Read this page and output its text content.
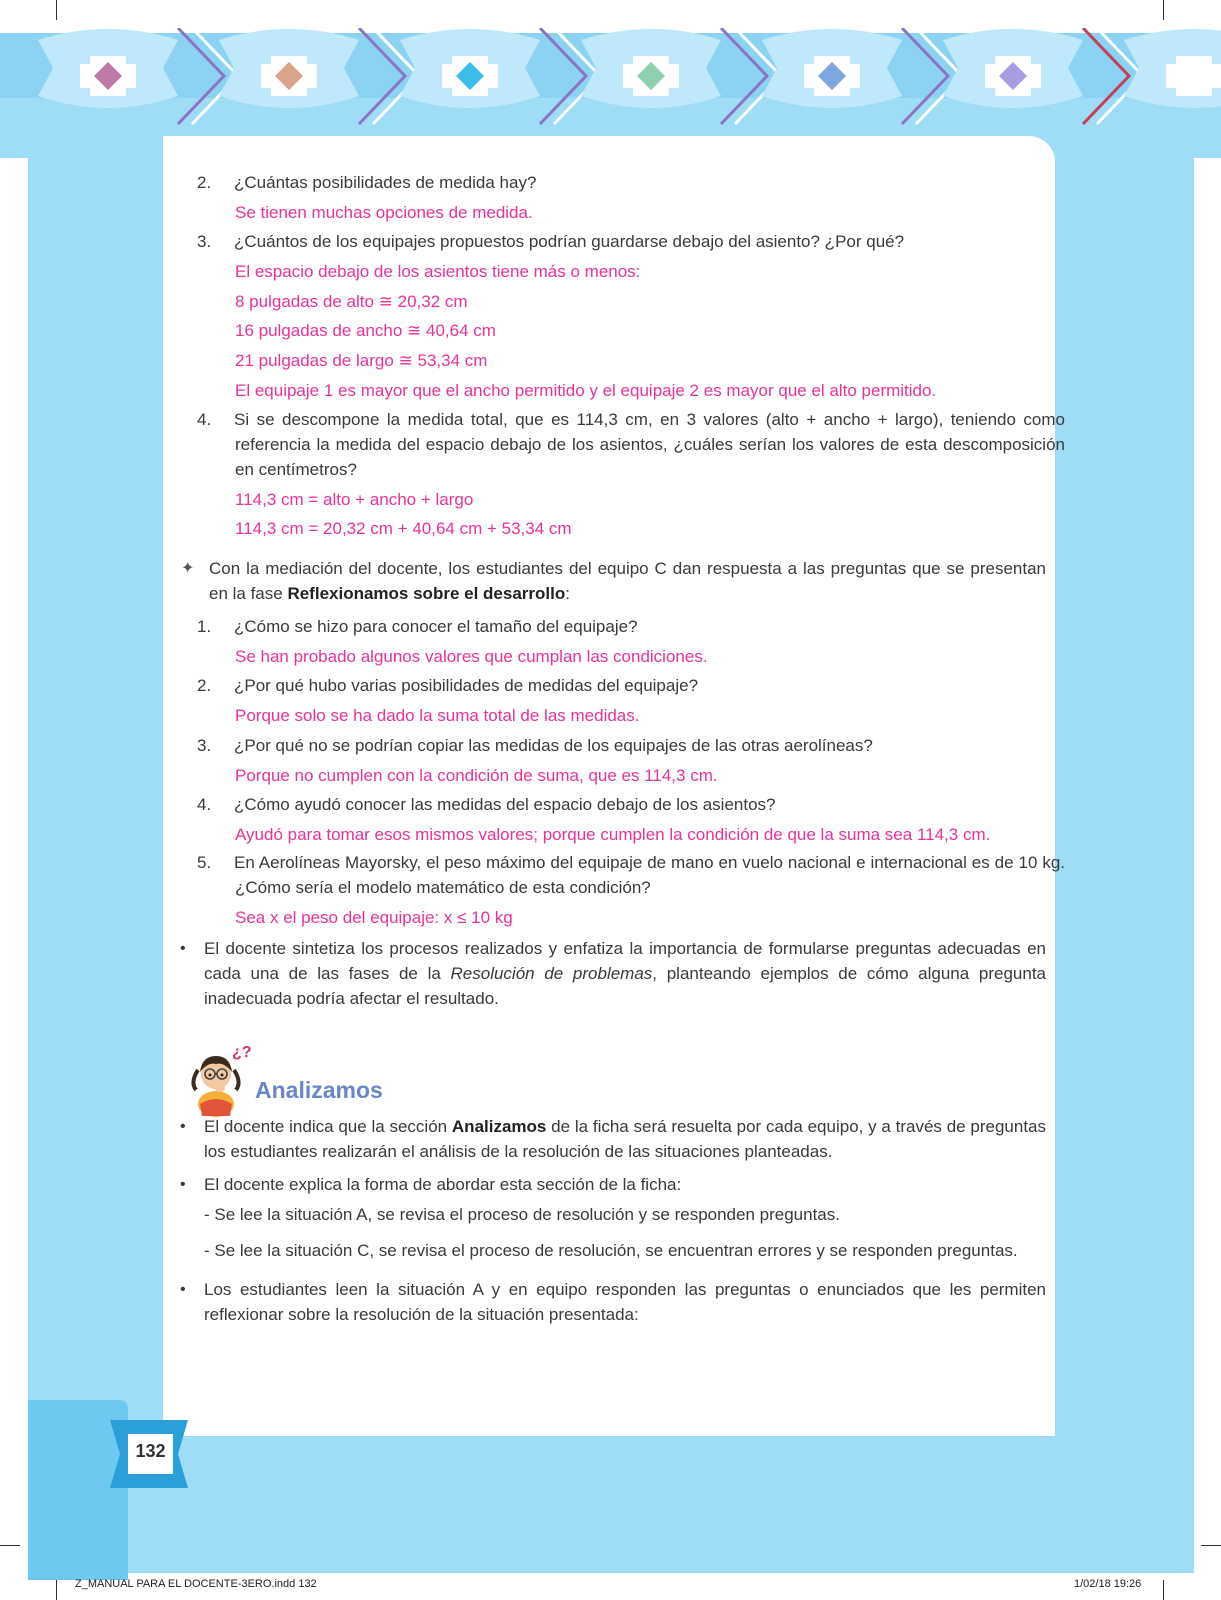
2. ¿Cuántas posibilidades de medida hay?

Se tienen muchas opciones de medida.

3. ¿Cuántos de los equipajes propuestos podrían guardarse debajo del asiento? ¿Por qué?

El espacio debajo de los asientos tiene más o menos:

8 pulgadas de alto ≅ 20,32 cm

16 pulgadas de ancho ≅ 40,64 cm

21 pulgadas de largo ≅ 53,34 cm

El equipaje 1 es mayor que el ancho permitido y el equipaje 2 es mayor que el alto permitido.

4. Si se descompone la medida total, que es 114,3 cm, en 3 valores (alto + ancho + largo), teniendo como referencia la medida del espacio debajo de los asientos, ¿cuáles serían los valores de esta descomposición en centímetros?

114,3 cm = alto + ancho + largo

114,3 cm = 20,32 cm + 40,64 cm + 53,34 cm

✦ Con la mediación del docente, los estudiantes del equipo C dan respuesta a las preguntas que se presentan en la fase Reflexionamos sobre el desarrollo:

1. ¿Cómo se hizo para conocer el tamaño del equipaje?

Se han probado algunos valores que cumplan las condiciones.

2. ¿Por qué hubo varias posibilidades de medidas del equipaje?

Porque solo se ha dado la suma total de las medidas.

3. ¿Por qué no se podrían copiar las medidas de los equipajes de las otras aerolíneas?

Porque no cumplen con la condición de suma, que es 114,3 cm.

4. ¿Cómo ayudó conocer las medidas del espacio debajo de los asientos?

Ayudó para tomar esos mismos valores; porque cumplen la condición de que la suma sea 114,3 cm.

5. En Aerolíneas Mayorsky, el peso máximo del equipaje de mano en vuelo nacional e internacional es de 10 kg. ¿Cómo sería el modelo matemático de esta condición?

Sea x el peso del equipaje: x ≤ 10 kg

• El docente sintetiza los procesos realizados y enfatiza la importancia de formularse preguntas adecuadas en cada una de las fases de la Resolución de problemas, planteando ejemplos de cómo alguna pregunta inadecuada podría afectar el resultado.

¿?
Analizamos

• El docente indica que la sección Analizamos de la ficha será resuelta por cada equipo, y a través de preguntas los estudiantes realizarán el análisis de la resolución de las situaciones planteadas.

• El docente explica la forma de abordar esta sección de la ficha:

- Se lee la situación A, se revisa el proceso de resolución y se responden preguntas.

- Se lee la situación C, se revisa el proceso de resolución, se encuentran errores y se responden preguntas.

• Los estudiantes leen la situación A y en equipo responden las preguntas o enunciados que les permiten reflexionar sobre la resolución de la situación presentada:

132
Z_MANUAL PARA EL DOCENTE-3ERO.indd 132	1/02/18 19:26
